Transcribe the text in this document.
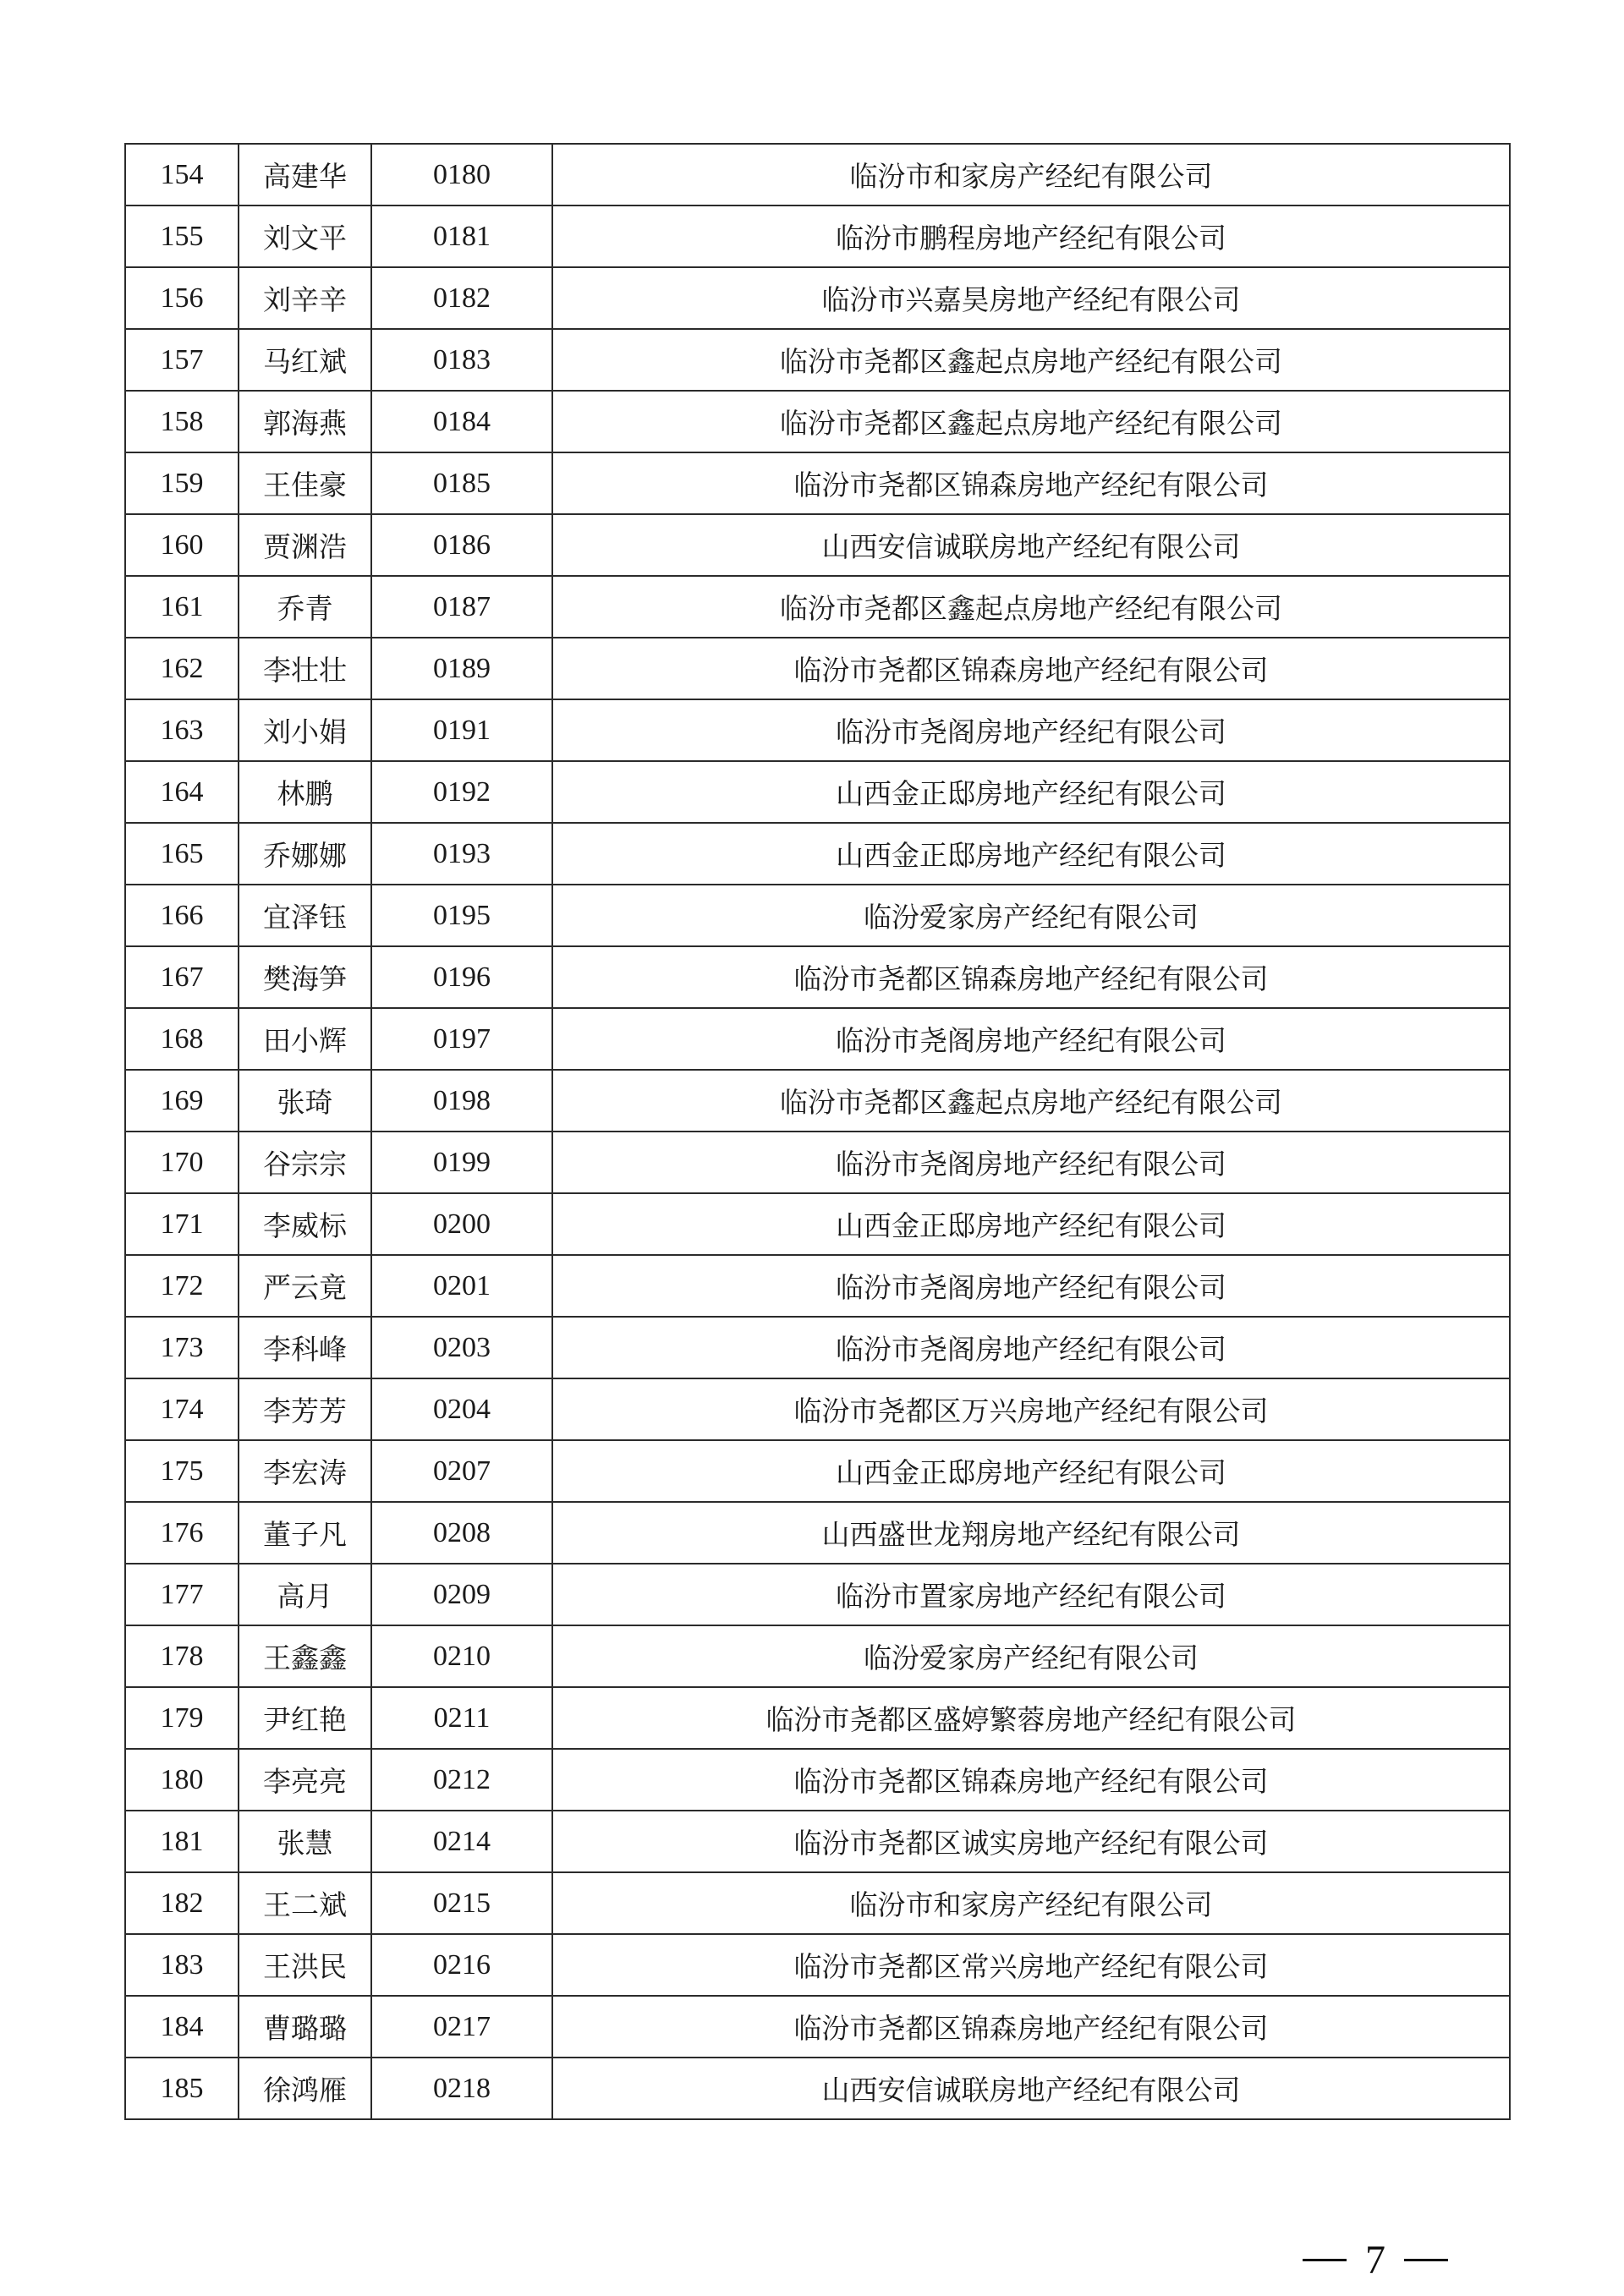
154	高建华	0180	临汾市和家房产经纪有限公司
155	刘文平	0181	临汾市鹏程房地产经纪有限公司
156	刘辛辛	0182	临汾市兴嘉昊房地产经纪有限公司
157	马红斌	0183	临汾市尧都区鑫起点房地产经纪有限公司
158	郭海燕	0184	临汾市尧都区鑫起点房地产经纪有限公司
159	王佳豪	0185	临汾市尧都区锦森房地产经纪有限公司
160	贾渊浩	0186	山西安信诚联房地产经纪有限公司
161	乔青	0187	临汾市尧都区鑫起点房地产经纪有限公司
162	李壮壮	0189	临汾市尧都区锦森房地产经纪有限公司
163	刘小娟	0191	临汾市尧阁房地产经纪有限公司
164	林鹏	0192	山西金正邸房地产经纪有限公司
165	乔娜娜	0193	山西金正邸房地产经纪有限公司
166	宜泽钰	0195	临汾爱家房产经纪有限公司
167	樊海笋	0196	临汾市尧都区锦森房地产经纪有限公司
168	田小辉	0197	临汾市尧阁房地产经纪有限公司
169	张琦	0198	临汾市尧都区鑫起点房地产经纪有限公司
170	谷宗宗	0199	临汾市尧阁房地产经纪有限公司
171	李威标	0200	山西金正邸房地产经纪有限公司
172	严云竟	0201	临汾市尧阁房地产经纪有限公司
173	李科峰	0203	临汾市尧阁房地产经纪有限公司
174	李芳芳	0204	临汾市尧都区万兴房地产经纪有限公司
175	李宏涛	0207	山西金正邸房地产经纪有限公司
176	董子凡	0208	山西盛世龙翔房地产经纪有限公司
177	高月	0209	临汾市置家房地产经纪有限公司
178	王鑫鑫	0210	临汾爱家房产经纪有限公司
179	尹红艳	0211	临汾市尧都区盛婷繁蓉房地产经纪有限公司
180	李亮亮	0212	临汾市尧都区锦森房地产经纪有限公司
181	张慧	0214	临汾市尧都区诚实房地产经纪有限公司
182	王二斌	0215	临汾市和家房产经纪有限公司
183	王洪民	0216	临汾市尧都区常兴房地产经纪有限公司
184	曹璐璐	0217	临汾市尧都区锦森房地产经纪有限公司
185	徐鸿雁	0218	山西安信诚联房地产经纪有限公司
7
